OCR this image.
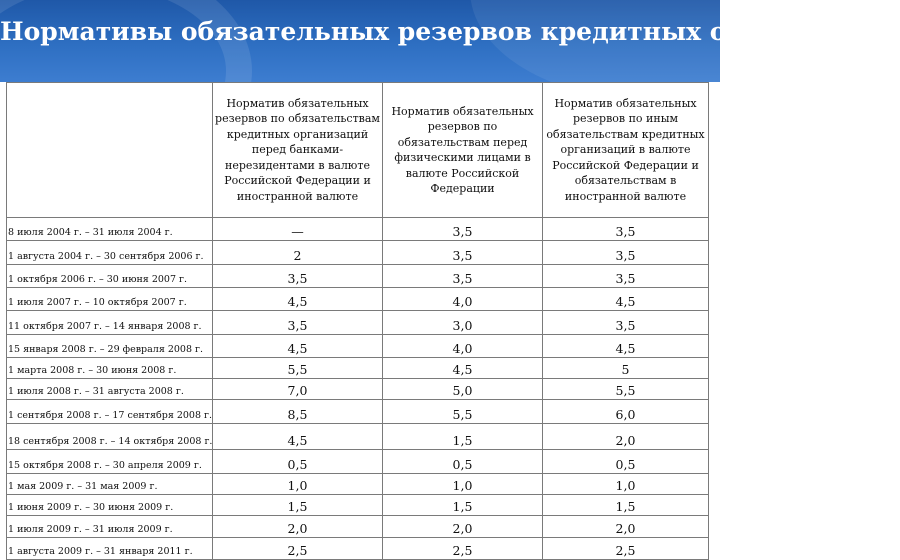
Нормативы обязательных резервов кредитных организаций
	Норматив обязательных резервов по обязательствам кредитных организаций перед банками-нерезидентами в валюте Российской Федерации и иностранной валюте	Норматив обязательных резервов по обязательствам перед физическими лицами в валюте Российской Федерации	Норматив обязательных резервов по иным обязательствам кредитных организаций в валюте Российской Федерации и обязательствам в иностранной валюте
8 июля 2004 г. – 31 июля 2004 г.	—	3,5	3,5
1 августа 2004 г. – 30 сентября 2006 г.	2	3,5	3,5
1 октября 2006 г. – 30 июня 2007 г.	3,5	3,5	3,5
1 июля 2007 г. – 10 октября 2007 г.	4,5	4,0	4,5
11 октября 2007 г. – 14 января 2008 г.	3,5	3,0	3,5
15 января 2008 г. – 29 февраля 2008 г.	4,5	4,0	4,5
1 марта 2008 г. – 30 июня 2008 г.	5,5	4,5	5
1 июля 2008 г. – 31 августа 2008 г.	7,0	5,0	5,5
1 сентября 2008 г. – 17 сентября 2008 г.	8,5	5,5	6,0
18 сентября 2008 г. – 14 октября 2008 г.	4,5	1,5	2,0
15 октября 2008 г. – 30 апреля 2009 г.	0,5	0,5	0,5
1 мая 2009 г. – 31 мая 2009 г.	1,0	1,0	1,0
1 июня 2009 г. – 30 июня 2009 г.	1,5	1,5	1,5
1 июля 2009 г. – 31 июля 2009 г.	2,0	2,0	2,0
1 августа 2009 г. – 31 января 2011 г.	2,5	2,5	2,5
